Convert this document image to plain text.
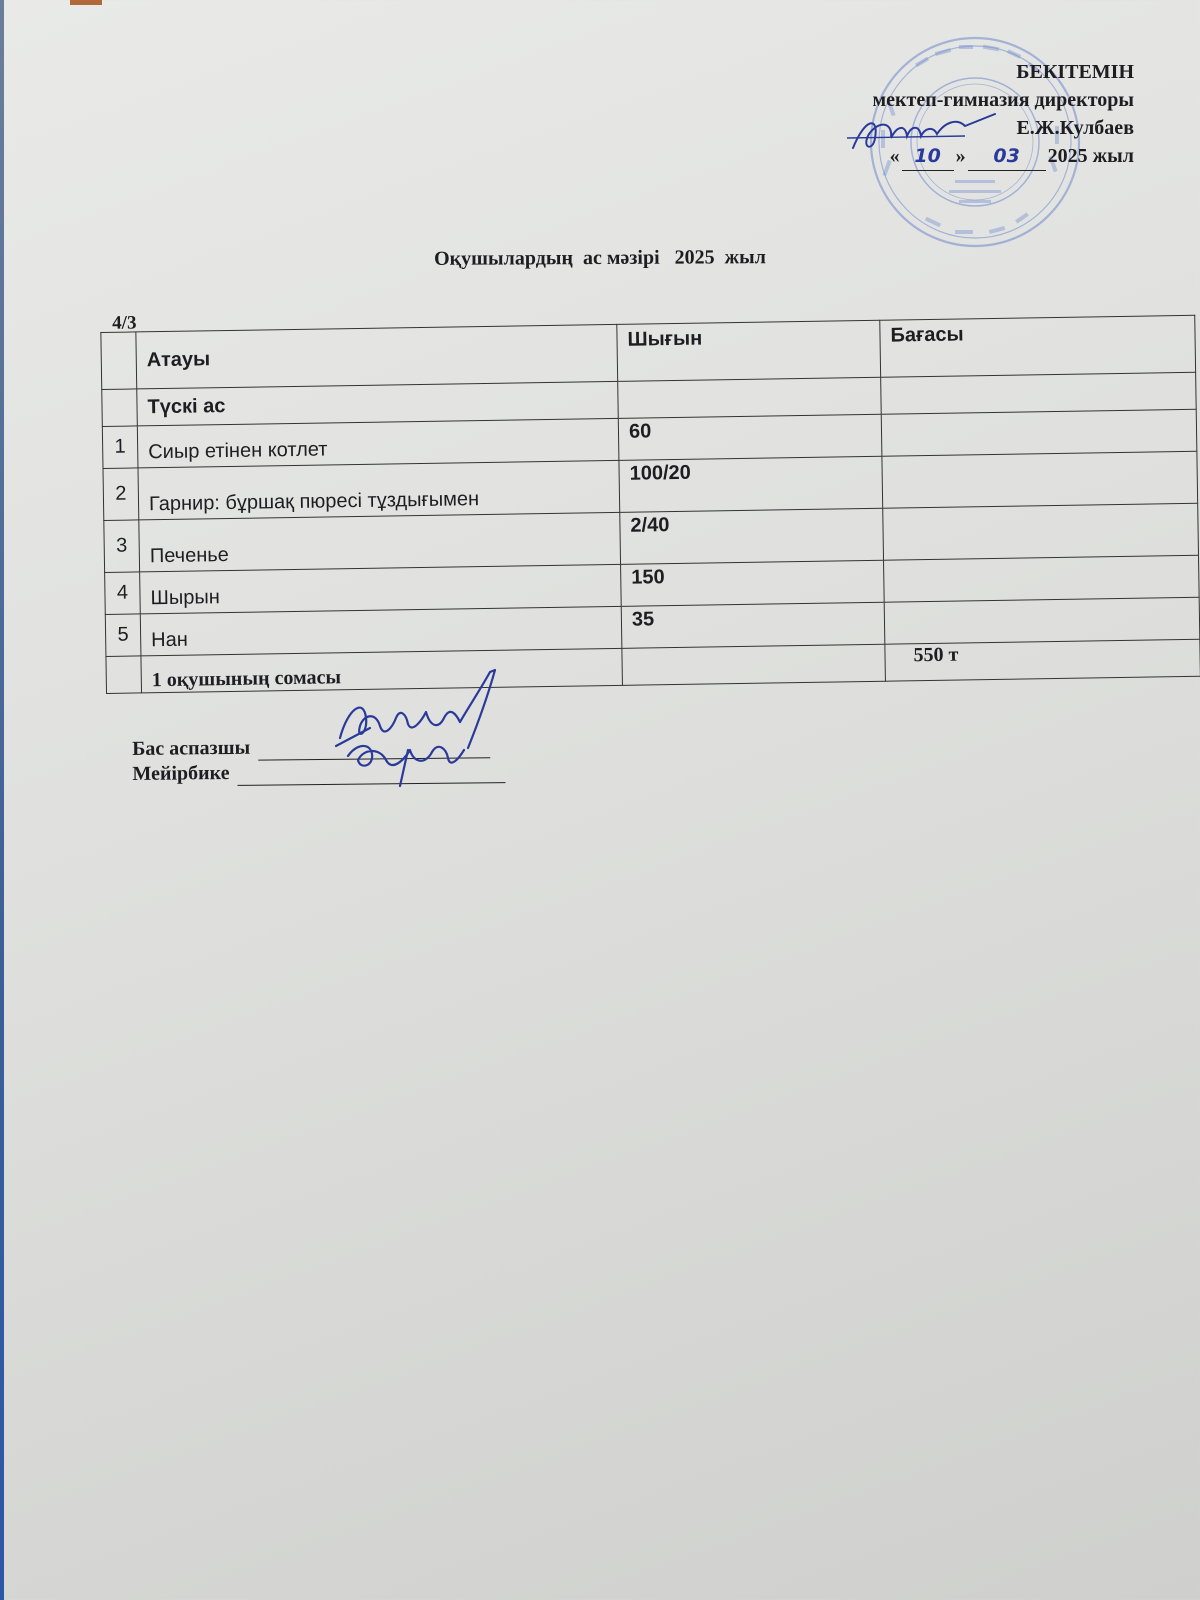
БЕКІТЕМІН
мектеп-гимназия директоры
Е.Ж.Кулбаев
« 10 »	03	2025 жыл
Оқушылардың  ас мәзірі   2025  жыл
4/3
	Атауы	Шығын	Бағасы
	Түскі ас		
1	Сиыр етінен котлет	60	
2	Гарнир: бұршақ пюресі тұздығымен	100/20	
3	Печенье	2/40	
4	Шырын	150	
5	Нан	35	
	1 оқушының сомасы		550 т
Бас аспазшы
Мейірбике
